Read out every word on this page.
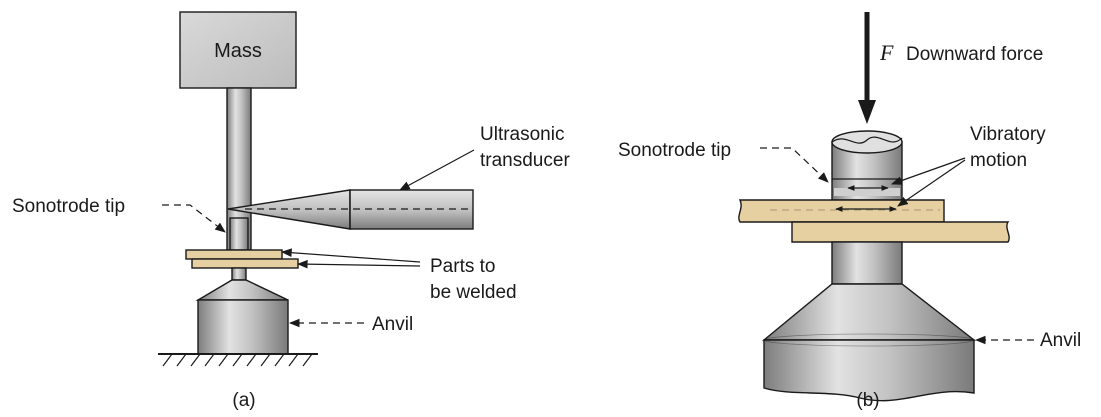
Mass
Ultrasonic
transducer
Sonotrode tip
Parts to
be welded
Anvil
(a)
F Downward force
Sonotrode tip
Vibratory
motion
Anvil
(b)
